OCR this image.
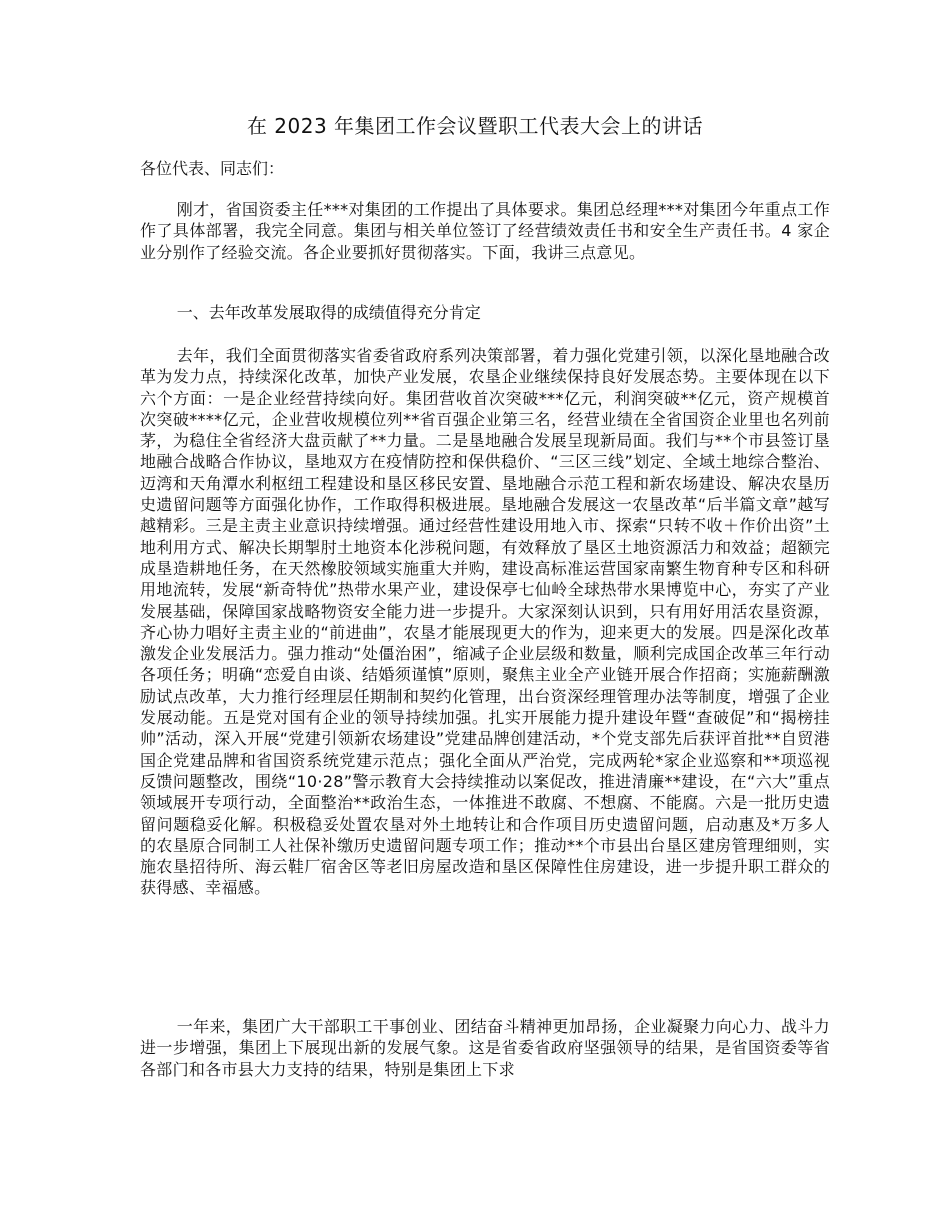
在 2023 年集团工作会议暨职工代表大会上的讲话

各位代表、同志们：

刚才，省国资委主任***对集团的工作提出了具体要求。集团总经理***对集团今年重点工作作了具体部署，我完全同意。集团与相关单位签订了经营绩效责任书和安全生产责任书。4 家企业分别作了经验交流。各企业要抓好贯彻落实。下面，我讲三点意见。

一、去年改革发展取得的成绩值得充分肯定

去年，我们全面贯彻落实省委省政府系列决策部署，着力强化党建引领，以深化垦地融合改革为发力点，持续深化改革，加快产业发展，农垦企业继续保持良好发展态势。主要体现在以下六个方面：一是企业经营持续向好。集团营收首次突破***亿元，利润突破**亿元，资产规模首次突破****亿元，企业营收规模位列**省百强企业第三名，经营业绩在全省国资企业里也名列前茅，为稳住全省经济大盘贡献了**力量。二是垦地融合发展呈现新局面。我们与**个市县签订垦地融合战略合作协议，垦地双方在疫情防控和保供稳价、“三区三线”划定、全域土地综合整治、迈湾和天角潭水利枢纽工程建设和垦区移民安置、垦地融合示范工程和新农场建设、解决农垦历史遗留问题等方面强化协作，工作取得积极进展。垦地融合发展这一农垦改革“后半篇文章”越写越精彩。三是主责主业意识持续增强。通过经营性建设用地入市、探索“只转不收＋作价出资”土地利用方式、解决长期掣肘土地资本化涉税问题，有效释放了垦区土地资源活力和效益；超额完成垦造耕地任务，在天然橡胶领域实施重大并购，建设高标准运营国家南繁生物育种专区和科研用地流转，发展“新奇特优”热带水果产业，建设保亭七仙岭全球热带水果博览中心，夯实了产业发展基础，保障国家战略物资安全能力进一步提升。大家深刻认识到，只有用好用活农垦资源，齐心协力唱好主责主业的“前进曲”，农垦才能展现更大的作为，迎来更大的发展。四是深化改革激发企业发展活力。强力推动“处僵治困”，缩减子企业层级和数量，顺利完成国企改革三年行动各项任务；明确“恋爱自由谈、结婚须谨慎”原则，聚焦主业全产业链开展合作招商；实施薪酬激励试点改革，大力推行经理层任期制和契约化管理，出台资深经理管理办法等制度，增强了企业发展动能。五是党对国有企业的领导持续加强。扎实开展能力提升建设年暨“查破促”和“揭榜挂帅”活动，深入开展“党建引领新农场建设”党建品牌创建活动，*个党支部先后获评首批**自贸港国企党建品牌和省国资系统党建示范点；强化全面从严治党，完成两轮*家企业巡察和**项巡视反馈问题整改，围绕“10·28”警示教育大会持续推动以案促改，推进清廉**建设，在“六大”重点领域展开专项行动，全面整治**政治生态，一体推进不敢腐、不想腐、不能腐。六是一批历史遗留问题稳妥化解。积极稳妥处置农垦对外土地转让和合作项目历史遗留问题，启动惠及*万多人的农垦原合同制工人社保补缴历史遗留问题专项工作；推动**个市县出台垦区建房管理细则，实施农垦招待所、海云鞋厂宿舍区等老旧房屋改造和垦区保障性住房建设，进一步提升职工群众的获得感、幸福感。

一年来，集团广大干部职工干事创业、团结奋斗精神更加昂扬，企业凝聚力向心力、战斗力进一步增强，集团上下展现出新的发展气象。这是省委省政府坚强领导的结果，是省国资委等省各部门和各市县大力支持的结果，特别是集团上下求
